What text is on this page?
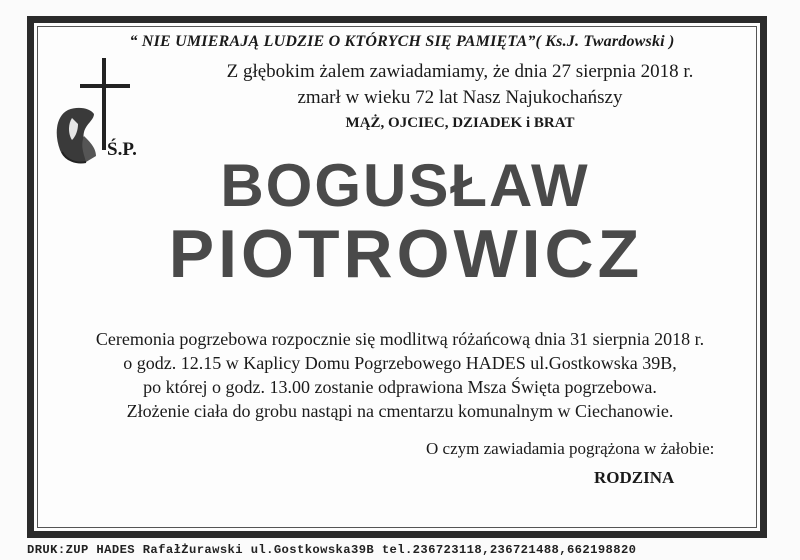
“ NIE UMIERAJĄ LUDZIE O KTÓRYCH SIĘ PAMIĘTA”( Ks.J. Twardowski )
Z głębokim żalem zawiadamiamy, że dnia 27 sierpnia 2018 r.
zmarł w wieku 72 lat Nasz Najukochańszy
MĄŻ, OJCIEC, DZIADEK i BRAT
Ś.P.
BOGUSŁAW
PIOTROWICZ
Ceremonia pogrzebowa rozpocznie się modlitwą różańcową dnia 31 sierpnia 2018 r.
o godz. 12.15 w Kaplicy Domu Pogrzebowego HADES ul.Gostkowska 39B,
po której o godz. 13.00 zostanie odprawiona Msza Święta pogrzebowa.
Złożenie ciała do grobu nastąpi na cmentarzu komunalnym w Ciechanowie.
O czym zawiadamia pogrążona w żałobie:
RODZINA
DRUK:ZUP HADES RafałŻurawski ul.Gostkowska39B tel.236723118,236721488,662198820
